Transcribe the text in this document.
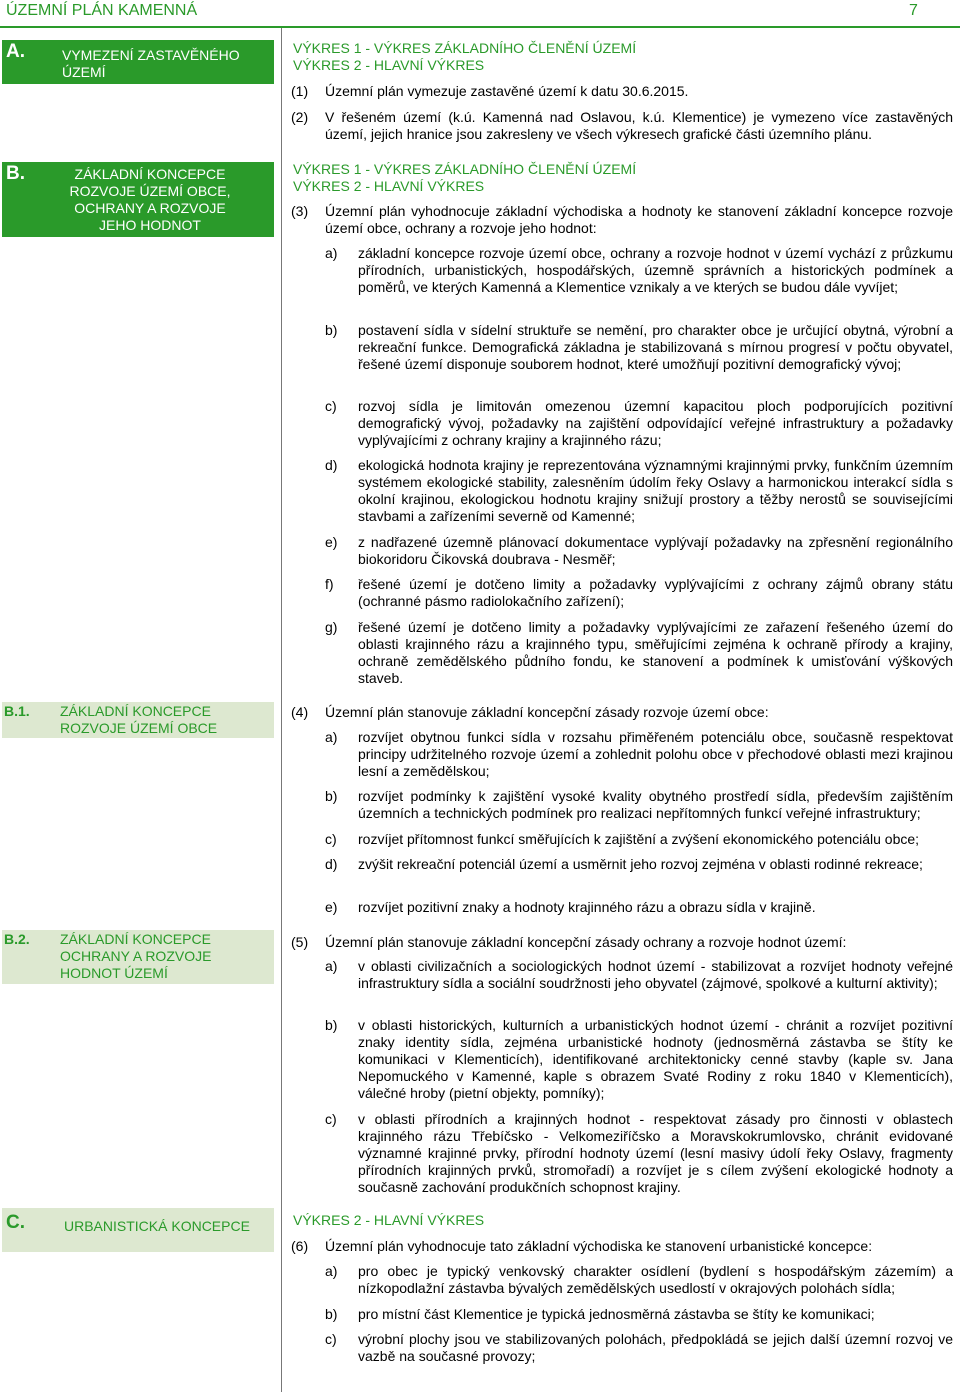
ÚZEMNÍ PLÁN KAMENNÁ	7
A.	VYMEZENÍ ZASTAVĚNÉHO ÚZEMÍ
B.	ZÁKLADNÍ KONCEPCE ROZVOJE ÚZEMÍ OBCE, OCHRANY A ROZVOJE JEHO HODNOT
B.1. ZÁKLADNÍ KONCEPCE ROZVOJE ÚZEMÍ OBCE
B.2. ZÁKLADNÍ KONCEPCE OCHRANY A ROZVOJE HODNOT ÚZEMÍ
C.	URBANISTICKÁ KONCEPCE
VÝKRES 1 - VÝKRES ZÁKLADNÍHO ČLENĚNÍ ÚZEMÍ
VÝKRES 2 - HLAVNÍ VÝKRES
VÝKRES 1 - VÝKRES ZÁKLADNÍHO ČLENĚNÍ ÚZEMÍ
VÝKRES 2 - HLAVNÍ VÝKRES
VÝKRES 2 - HLAVNÍ VÝKRES
(1) Územní plán vymezuje zastavěné území k datu 30.6.2015.
(2) V řešeném území (k.ú. Kamenná nad Oslavou, k.ú. Klementice) je vymezeno více zastavěných území, jejich hranice jsou zakresleny ve všech výkresech grafické části územního plánu.
(3) Územní plán vyhodnocuje základní východiska a hodnoty ke stanovení základní koncepce rozvoje území obce, ochrany a rozvoje jeho hodnot:
a) základní koncepce rozvoje území obce, ochrany a rozvoje hodnot v území vychází z průzkumu přírodních, urbanistických, hospodářských, územně správních a historických podmínek a poměrů, ve kterých Kamenná a Klementice vznikaly a ve kterých se budou dále vyvíjet;
b) postavení sídla v sídelní struktuře se nemění, pro charakter obce je určující obytná, výrobní a rekreační funkce. Demografická základna je stabilizovaná s mírnou progresí v počtu obyvatel, řešené území disponuje souborem hodnot, které umožňují pozitivní demografický vývoj;
c) rozvoj sídla je limitován omezenou územní kapacitou ploch podporujících pozitivní demografický vývoj, požadavky na zajištění odpovídající veřejné infrastruktury a požadavky vyplývajícími z ochrany krajiny a krajinného rázu;
d) ekologická hodnota krajiny je reprezentována významnými krajinnými prvky, funkčním územním systémem ekologické stability, zalesněním údolím řeky Oslavy a harmonickou interakcí sídla s okolní krajinou, ekologickou hodnotu krajiny snižují prostory a těžby nerostů se souvisejícími stavbami a zařízeními severně od Kamenné;
e) z nadřazené územně plánovací dokumentace vyplývají požadavky na zpřesnění regionálního biokoridoru Čikovská doubrava - Nesměř;
f) řešené území je dotčeno limity a požadavky vyplývajícími z ochrany zájmů obrany státu (ochranné pásmo radiolokačního zařízení);
g) řešené území je dotčeno limity a požadavky vyplývajícími ze zařazení řešeného území do oblasti krajinného rázu a krajinného typu, směřujícími zejména k ochraně přírody a krajiny, ochraně zemědělského půdního fondu, ke stanovení a podmínek k umisťování výškových staveb.
(4) Územní plán stanovuje základní koncepční zásady rozvoje území obce:
a) rozvíjet obytnou funkci sídla v rozsahu přiměřeném potenciálu obce, současně respektovat principy udržitelného rozvoje území a zohlednit polohu obce v přechodové oblasti mezi krajinou lesní a zemědělskou;
b) rozvíjet podmínky k zajištění vysoké kvality obytného prostředí sídla, především zajištěním územních a technických podmínek pro realizaci nepřítomných funkcí veřejné infrastruktury;
c) rozvíjet přítomnost funkcí směřujících k zajištění a zvýšení ekonomického potenciálu obce;
d) zvýšit rekreační potenciál území a usměrnit jeho rozvoj zejména v oblasti rodinné rekreace;
e) rozvíjet pozitivní znaky a hodnoty krajinného rázu a obrazu sídla v krajině.
(5) Územní plán stanovuje základní koncepční zásady ochrany a rozvoje hodnot území:
a) v oblasti civilizačních a sociologických hodnot území - stabilizovat a rozvíjet hodnoty veřejné infrastruktury sídla a sociální soudržnosti jeho obyvatel (zájmové, spolkové a kulturní aktivity);
b) v oblasti historických, kulturních a urbanistických hodnot území - chránit a rozvíjet pozitivní znaky identity sídla, zejména urbanistické hodnoty (jednosměrná zástavba se štíty ke komunikaci v Klementicích), identifikované architektonicky cenné stavby (kaple sv. Jana Nepomuckého v Kamenné, kaple s obrazem Svaté Rodiny z roku 1840 v Klementicích), válečné hroby (pietní objekty, pomníky);
c) v oblasti přírodních a krajinných hodnot - respektovat zásady pro činnosti v oblastech krajinného rázu Třebíčsko - Velkomeziříčsko a Moravskokrumlovsko, chránit evidované významné krajinné prvky, přírodní hodnoty území (lesní masivy údolí řeky Oslavy, fragmenty přírodních krajinných prvků, stromořadí) a rozvíjet je s cílem zvýšení ekologické hodnoty a současně zachování produkčních schopnost krajiny.
(6) Územní plán vyhodnocuje tato základní východiska ke stanovení urbanistické koncepce:
a) pro obec je typický venkovský charakter osídlení (bydlení s hospodářským zázemím) a nízkopodlažní zástavba bývalých zemědělských usedlostí v okrajových polohách sídla;
b) pro místní část Klementice je typická jednosměrná zástavba se štíty ke komunikaci;
c) výrobní plochy jsou ve stabilizovaných polohách, předpokládá se jejich další územní rozvoj ve vazbě na současné provozy;
